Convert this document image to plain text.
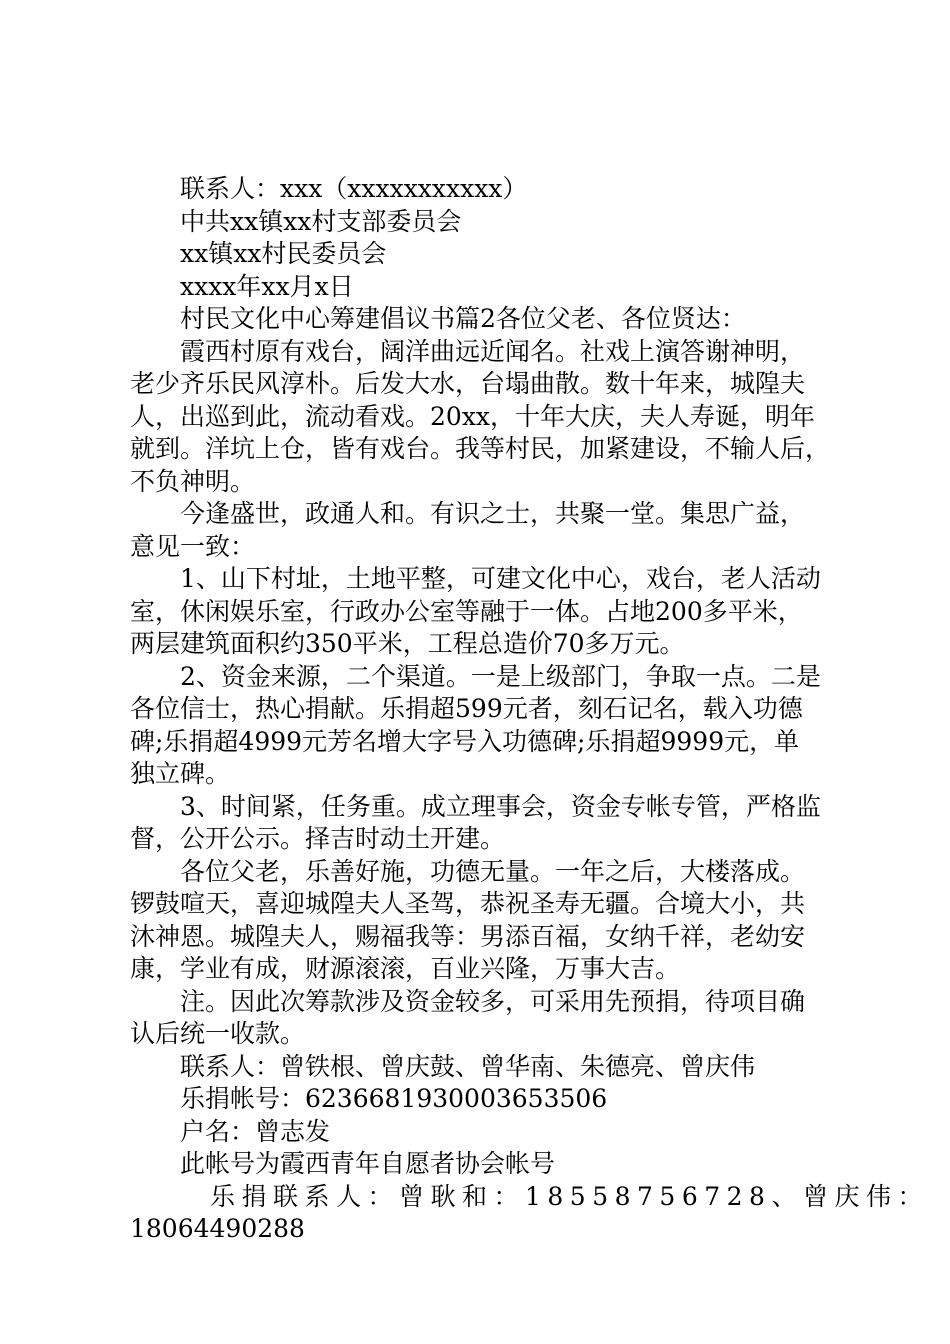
联系人：xxx（xxxxxxxxxxx）
中共xx镇xx村支部委员会
xx镇xx村民委员会
xxxx年xx月x日
村民文化中心筹建倡议书篇2各位父老、各位贤达：
霞西村原有戏台，阔洋曲远近闻名。社戏上演答谢神明，
老少齐乐民风淳朴。后发大水，台塌曲散。数十年来，城隍夫
人，出巡到此，流动看戏。20xx，十年大庆，夫人寿诞，明年
就到。洋坑上仓，皆有戏台。我等村民，加紧建设，不输人后，
不负神明。
今逢盛世，政通人和。有识之士，共聚一堂。集思广益，
意见一致：
1、山下村址，土地平整，可建文化中心，戏台，老人活动
室，休闲娱乐室，行政办公室等融于一体。占地200多平米，
两层建筑面积约350平米，工程总造价70多万元。
2、资金来源，二个渠道。一是上级部门，争取一点。二是
各位信士，热心捐献。乐捐超599元者，刻石记名，载入功德
碑;乐捐超4999元芳名增大字号入功德碑;乐捐超9999元，单
独立碑。
3、时间紧，任务重。成立理事会，资金专帐专管，严格监
督，公开公示。择吉时动土开建。
各位父老，乐善好施，功德无量。一年之后，大楼落成。
锣鼓喧天，喜迎城隍夫人圣驾，恭祝圣寿无疆。合境大小，共
沐神恩。城隍夫人，赐福我等：男添百福，女纳千祥，老幼安
康，学业有成，财源滚滚，百业兴隆，万事大吉。
注。因此次筹款涉及资金较多，可采用先预捐，待项目确
认后统一收款。
联系人：曾铁根、曾庆鼓、曾华南、朱德亮、曾庆伟
乐捐帐号：6236681930003653506
户名：曾志发
此帐号为霞西青年自愿者协会帐号
乐捐联系人：曾耿和：18558756728、曾庆伟：
18064490288
